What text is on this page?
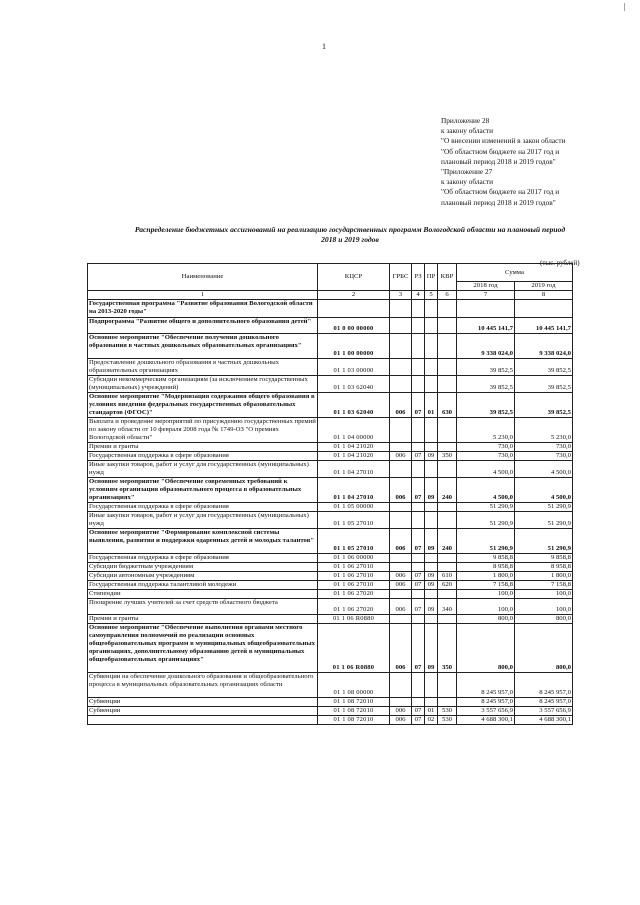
|
1
Приложение 28
к закону области
"О внесении изменений в закон области
"Об областном бюджете на 2017 год и
плановый период 2018 и 2019 годов"
"Приложение 27
к закону области
"Об областном бюджете на 2017 год и
плановый период 2018 и 2019 годов"
Распределение бюджетных ассигнований на реализацию государственных программ Вологодской области на плановый период
2018 и 2019 годов
(тыс. рублей)
Наименование	КЦСР	ГРБС	РЗ	ПР	КВР	Сумма	
						2018 год	2019 год
1	2	3	4	5	6	7	8
Государственная программа "Развитие образования Вологодской области на 2013-2020 годы"							
Подпрограмма "Развитие общего и дополнительного образования детей"	01 0 00 00000					10 445 141,7	10 445 141,7
Основное мероприятие "Обеспечение получения дошкольного образования в частных дошкольных образовательных организациях"	01 1 00 00000					9 338 024,0	9 338 024,0
Предоставление дошкольного образования в частных дошкольных образовательных организациях	01 1 03 00000					39 852,5	39 852,5
Субсидии некоммерческим организациям (за исключением государственных (муниципальных) учреждений)	01 1 03 62040					39 852,5	39 852,5
Основное мероприятие "Модернизация содержания общего образования в условиях введения федеральных государственных образовательных стандартов (ФГОС)"	01 1 03 62040	006	07	01	630	39 852,5	39 852,5
Выплата и проведение мероприятий по присуждению государственных премий по закону области от 10 февраля 2008 года № 1749-ОЗ "О премиях Вологодской области"	01 1 04 00000					5 230,0	5 230,0
Премии и гранты	01 1 04 21020					730,0	730,0
Государственная поддержка в сфере образования	01 1 04 21020	006	07	09	350	730,0	730,0
Иные закупки товаров, работ и услуг для государственных (муниципальных) нужд	01 1 04 27010					4 500,0	4 500,0
Основное мероприятие "Обеспечение современных требований к условиям организации образовательного процесса в образовательных организациях"	01 1 04 27010	006	07	09	240	4 500,0	4 500,0
Государственная поддержка в сфере образования	01 1 05 00000					51 290,9	51 290,9
Иные закупки товаров, работ и услуг для государственных (муниципальных) нужд	01 1 05 27010					51 290,9	51 290,9
Основное мероприятие "Формирование комплексной системы выявления, развития и поддержки одаренных детей и молодых талантов"	01 1 05 27010	006	07	09	240	51 290,9	51 290,9
Государственная поддержка в сфере образования	01 1 06 00000					9 858,8	9 858,8
Субсидии бюджетным учреждениям	01 1 06 27010					8 958,8	8 958,8
Субсидии автономным учреждениям	01 1 06 27010	006	07	09	610	1 800,0	1 800,0
Государственная поддержка талантливой молодежи	01 1 06 27010	006	07	09	620	7 158,8	7 158,8
Стипендии	01 1 06 27020					100,0	100,0
Поощрение лучших учителей за счет средств областного бюджета	01 1 06 27020	006	07	09	340	100,0	100,0
Премии и гранты	01 1 06 R0880					800,0	800,0
Основное мероприятие "Обеспечение выполнения органами местного самоуправления полномочий по реализации основных общеобразовательных программ в муниципальных общеобразовательных организациях, дополнительному образованию детей в муниципальных общеобразовательных организациях"	01 1 06 R0880	006	07	09	350	800,0	800,0
Субвенции на обеспечение дошкольного образования и общеобразовательного процесса в муниципальных образовательных организациях области	01 1 08 00000					8 245 957,0	8 245 957,0
Субвенции	01 1 08 72010					8 245 957,0	8 245 957,0
Субвенции	01 1 08 72010	006	07	01	530	3 557 656,9	3 557 656,9
	01 1 08 72010	006	07	02	530	4 688 300,1	4 688 300,1
